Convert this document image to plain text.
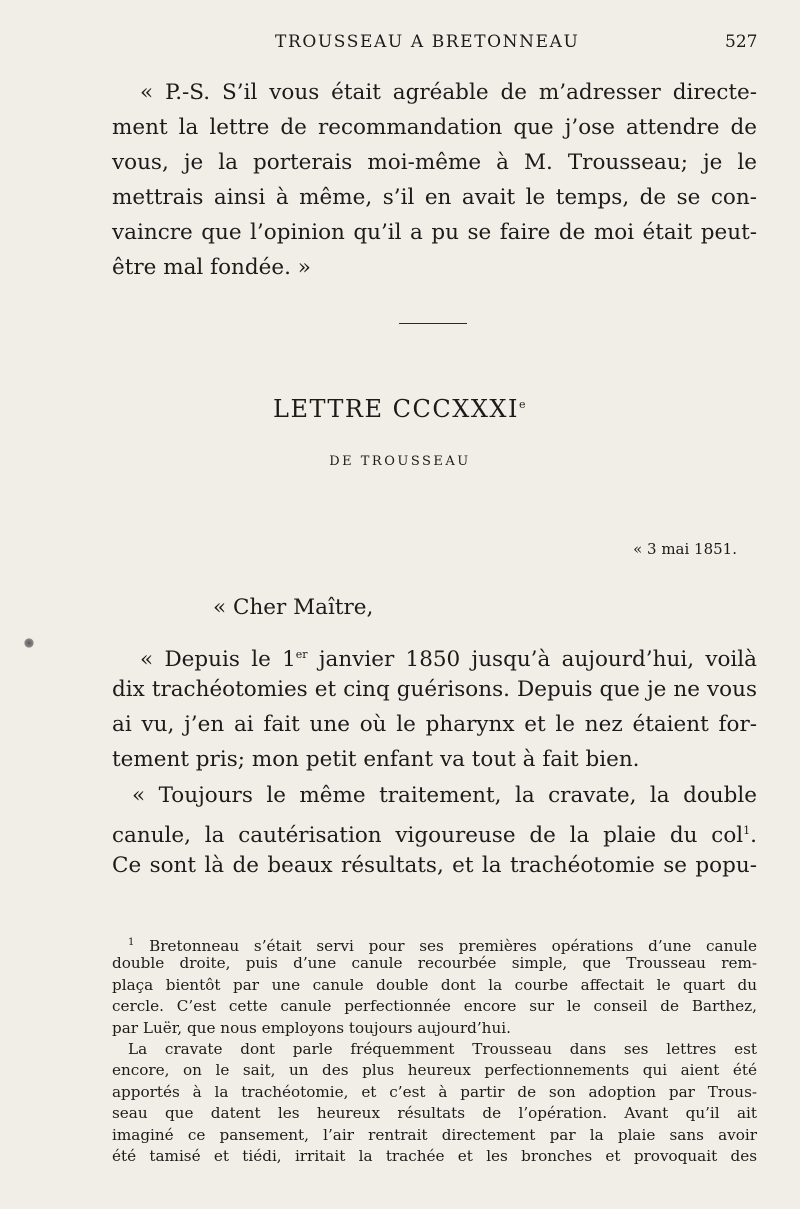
TROUSSEAU A BRETONNEAU	527
« P.-S. S’il vous était agréable de m’adresser directe-
ment la lettre de recommandation que j’ose attendre de
vous, je la porterais moi-même à M. Trousseau; je le
mettrais ainsi à même, s’il en avait le temps, de se con-
vaincre que l’opinion qu’il a pu se faire de moi était peut-
être mal fondée. »
LETTRE CCCXXXIe
DE TROUSSEAU
« 3 mai 1851.
« Cher Maître,
« Depuis le 1er janvier 1850 jusqu’à aujourd’hui, voilà
dix trachéotomies et cinq guérisons. Depuis que je ne vous
ai vu, j’en ai fait une où le pharynx et le nez étaient for-
tement pris; mon petit enfant va tout à fait bien.
« Toujours le même traitement, la cravate, la double
canule, la cautérisation vigoureuse de la plaie du col$^1$.
Ce sont là de beaux résultats, et la trachéotomie se popu-
$^1$ Bretonneau s’était servi pour ses premières opérations d’une canule
double droite, puis d’une canule recourbée simple, que Trousseau rem-
plaça bientôt par une canule double dont la courbe affectait le quart du
cercle. C’est cette canule perfectionnée encore sur le conseil de Barthez,
par Luër, que nous employons toujours aujourd’hui.
La cravate dont parle fréquemment Trousseau dans ses lettres est
encore, on le sait, un des plus heureux perfectionnements qui aient été
apportés à la trachéotomie, et c’est à partir de son adoption par Trous-
seau que datent les heureux résultats de l’opération. Avant qu’il ait
imaginé ce pansement, l’air rentrait directement par la plaie sans avoir
été tamisé et tiédi, irritait la trachée et les bronches et provoquait des
